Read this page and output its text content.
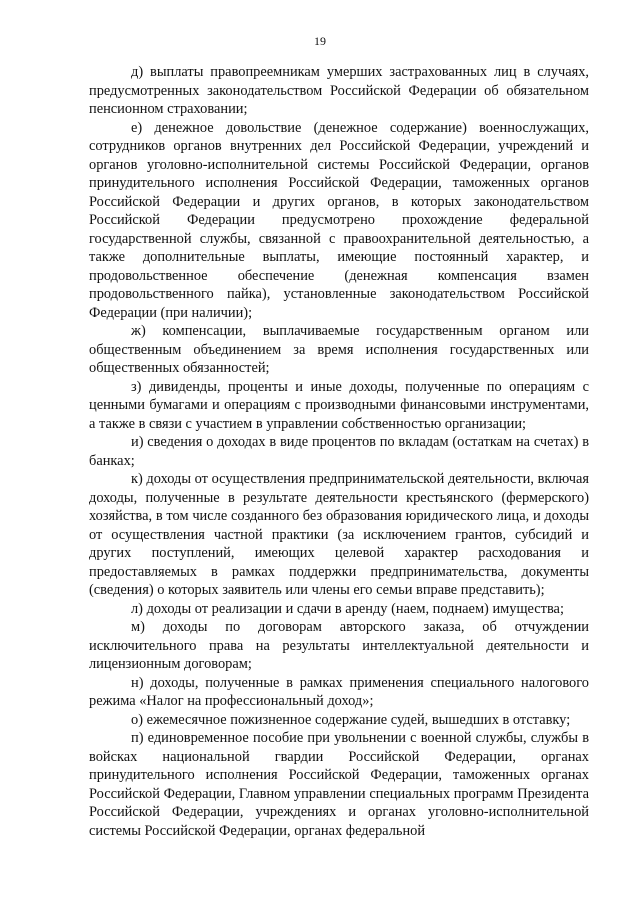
19

д) выплаты правопреемникам умерших застрахованных лиц в случаях, предусмотренных законодательством Российской Федерации об обязательном пенсионном страховании;

е) денежное довольствие (денежное содержание) военнослужащих, сотрудников органов внутренних дел Российской Федерации, учреждений и органов уголовно-исполнительной системы Российской Федерации, органов принудительного исполнения Российской Федерации, таможенных органов Российской Федерации и других органов, в которых законодательством Российской Федерации предусмотрено прохождение федеральной государственной службы, связанной с правоохранительной деятельностью, а также дополнительные выплаты, имеющие постоянный характер, и продовольственное обеспечение (денежная компенсация взамен продовольственного пайка), установленные законодательством Российской Федерации (при наличии);

ж) компенсации, выплачиваемые государственным органом или общественным объединением за время исполнения государственных или общественных обязанностей;

з) дивиденды, проценты и иные доходы, полученные по операциям с ценными бумагами и операциям с производными финансовыми инструментами, а также в связи с участием в управлении собственностью организации;

и) сведения о доходах в виде процентов по вкладам (остаткам на счетах) в банках;

к) доходы от осуществления предпринимательской деятельности, включая доходы, полученные в результате деятельности крестьянского (фермерского) хозяйства, в том числе созданного без образования юридического лица, и доходы от осуществления частной практики (за исключением грантов, субсидий и других поступлений, имеющих целевой характер расходования и предоставляемых в рамках поддержки предпринимательства, документы (сведения) о которых заявитель или члены его семьи вправе представить);

л) доходы от реализации и сдачи в аренду (наем, поднаем) имущества;

м) доходы по договорам авторского заказа, об отчуждении исключительного права на результаты интеллектуальной деятельности и лицензионным договорам;

н) доходы, полученные в рамках применения специального налогового режима «Налог на профессиональный доход»;

о) ежемесячное пожизненное содержание судей, вышедших в отставку;

п) единовременное пособие при увольнении с военной службы, службы в войсках национальной гвардии Российской Федерации, органах принудительного исполнения Российской Федерации, таможенных органах Российской Федерации, Главном управлении специальных программ Президента Российской Федерации, учреждениях и органах уголовно-исполнительной системы Российской Федерации, органах федеральной
